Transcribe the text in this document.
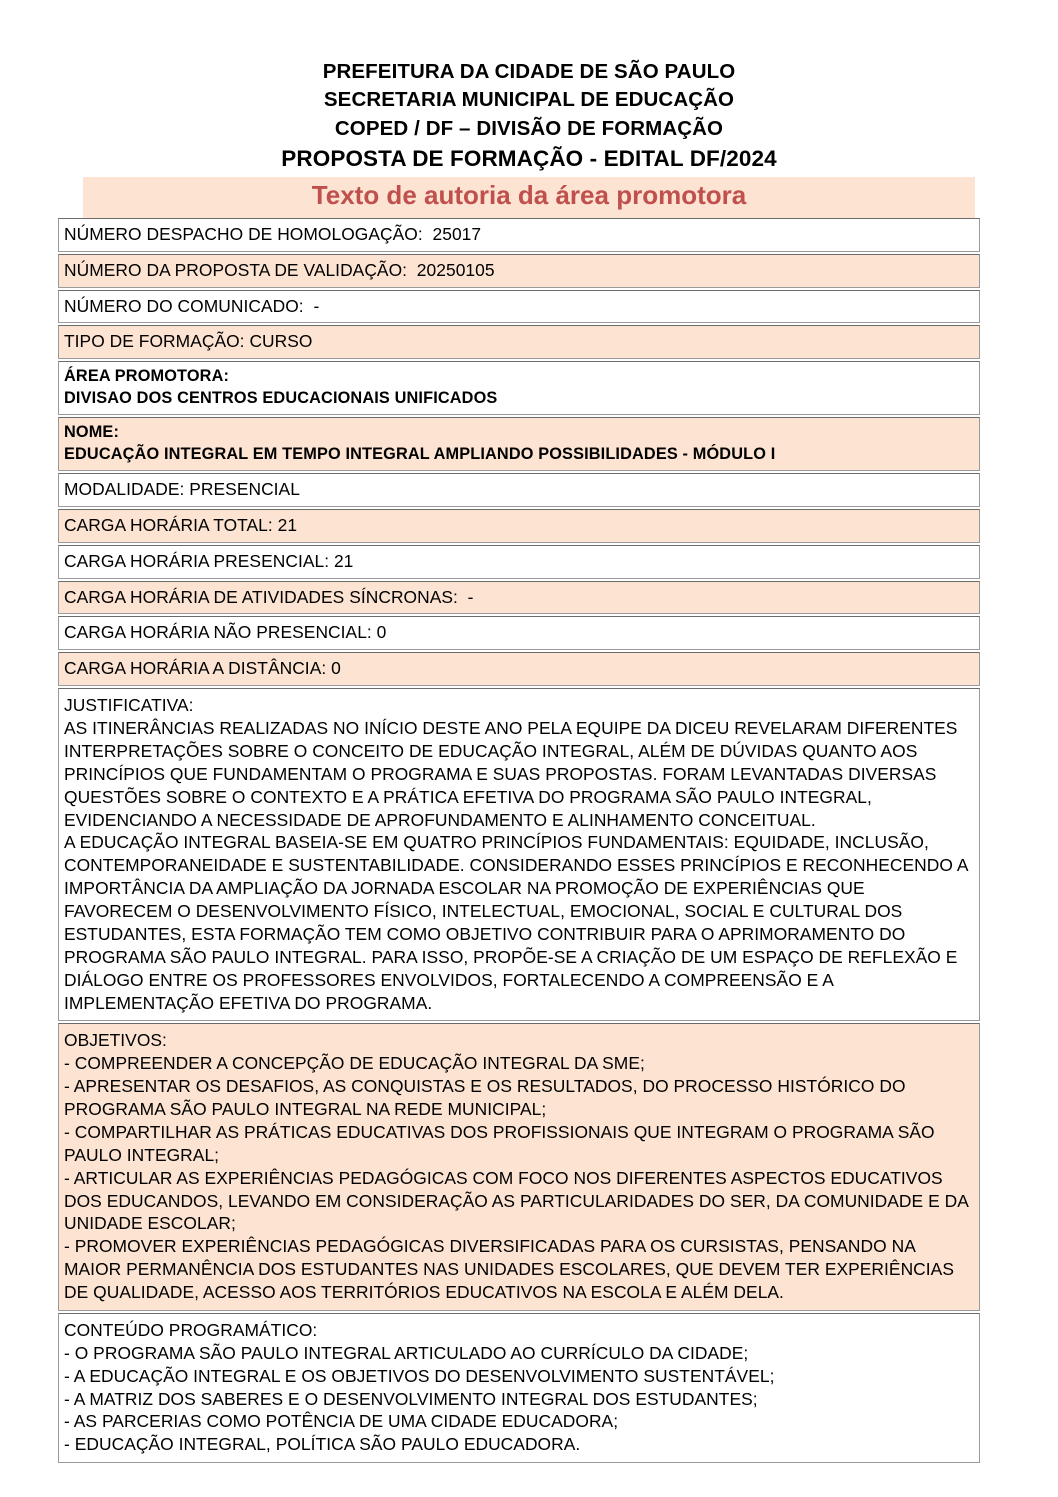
PREFEITURA DA CIDADE DE SÃO PAULO
SECRETARIA MUNICIPAL DE EDUCAÇÃO
COPED / DF – DIVISÃO DE FORMAÇÃO
PROPOSTA DE FORMAÇÃO - EDITAL DF/2024
Texto de autoria da área promotora
NÚMERO DESPACHO DE HOMOLOGAÇÃO:  25017
NÚMERO DA PROPOSTA DE VALIDAÇÃO:  20250105
NÚMERO DO COMUNICADO:  -
TIPO DE FORMAÇÃO: CURSO
ÁREA PROMOTORA:
DIVISAO DOS CENTROS EDUCACIONAIS UNIFICADOS
NOME:
EDUCAÇÃO INTEGRAL EM TEMPO INTEGRAL AMPLIANDO POSSIBILIDADES - MÓDULO I
MODALIDADE: PRESENCIAL
CARGA HORÁRIA TOTAL: 21
CARGA HORÁRIA PRESENCIAL: 21
CARGA HORÁRIA DE ATIVIDADES SÍNCRONAS:  -
CARGA HORÁRIA NÃO PRESENCIAL: 0
CARGA HORÁRIA A DISTÂNCIA: 0
JUSTIFICATIVA:
AS ITINERÂNCIAS REALIZADAS NO INÍCIO DESTE ANO PELA EQUIPE DA DICEU REVELARAM DIFERENTES INTERPRETAÇÕES SOBRE O CONCEITO DE EDUCAÇÃO INTEGRAL, ALÉM DE DÚVIDAS QUANTO AOS PRINCÍPIOS QUE FUNDAMENTAM O PROGRAMA E SUAS PROPOSTAS. FORAM LEVANTADAS DIVERSAS QUESTÕES SOBRE O CONTEXTO E A PRÁTICA EFETIVA DO PROGRAMA SÃO PAULO INTEGRAL, EVIDENCIANDO A NECESSIDADE DE APROFUNDAMENTO E ALINHAMENTO CONCEITUAL.
A EDUCAÇÃO INTEGRAL BASEIA-SE EM QUATRO PRINCÍPIOS FUNDAMENTAIS: EQUIDADE, INCLUSÃO, CONTEMPORANEIDADE E SUSTENTABILIDADE. CONSIDERANDO ESSES PRINCÍPIOS E RECONHECENDO A IMPORTÂNCIA DA AMPLIAÇÃO DA JORNADA ESCOLAR NA PROMOÇÃO DE EXPERIÊNCIAS QUE FAVORECEM O DESENVOLVIMENTO FÍSICO, INTELECTUAL, EMOCIONAL, SOCIAL E CULTURAL DOS ESTUDANTES, ESTA FORMAÇÃO TEM COMO OBJETIVO CONTRIBUIR PARA O APRIMORAMENTO DO PROGRAMA SÃO PAULO INTEGRAL. PARA ISSO, PROPÕE-SE A CRIAÇÃO DE UM ESPAÇO DE REFLEXÃO E DIÁLOGO ENTRE OS PROFESSORES ENVOLVIDOS, FORTALECENDO A COMPREENSÃO E A IMPLEMENTAÇÃO EFETIVA DO PROGRAMA.
OBJETIVOS:
- COMPREENDER A CONCEPÇÃO DE EDUCAÇÃO INTEGRAL DA SME;
- APRESENTAR OS DESAFIOS, AS CONQUISTAS E OS RESULTADOS, DO PROCESSO HISTÓRICO DO PROGRAMA SÃO PAULO INTEGRAL NA REDE MUNICIPAL;
- COMPARTILHAR AS PRÁTICAS EDUCATIVAS DOS PROFISSIONAIS QUE INTEGRAM O PROGRAMA SÃO PAULO INTEGRAL;
- ARTICULAR AS EXPERIÊNCIAS PEDAGÓGICAS COM FOCO NOS DIFERENTES ASPECTOS EDUCATIVOS DOS EDUCANDOS, LEVANDO EM CONSIDERAÇÃO AS PARTICULARIDADES DO SER, DA COMUNIDADE E DA UNIDADE ESCOLAR;
- PROMOVER EXPERIÊNCIAS PEDAGÓGICAS DIVERSIFICADAS PARA OS CURSISTAS, PENSANDO NA MAIOR PERMANÊNCIA DOS ESTUDANTES NAS UNIDADES ESCOLARES, QUE DEVEM TER EXPERIÊNCIAS DE QUALIDADE, ACESSO AOS TERRITÓRIOS EDUCATIVOS NA ESCOLA E ALÉM DELA.
CONTEÚDO PROGRAMÁTICO:
- O PROGRAMA SÃO PAULO INTEGRAL ARTICULADO AO CURRÍCULO DA CIDADE;
- A EDUCAÇÃO INTEGRAL E OS OBJETIVOS DO DESENVOLVIMENTO SUSTENTÁVEL;
- A MATRIZ DOS SABERES E O DESENVOLVIMENTO INTEGRAL DOS ESTUDANTES;
- AS PARCERIAS COMO POTÊNCIA DE UMA CIDADE EDUCADORA;
- EDUCAÇÃO INTEGRAL, POLÍTICA SÃO PAULO EDUCADORA.
